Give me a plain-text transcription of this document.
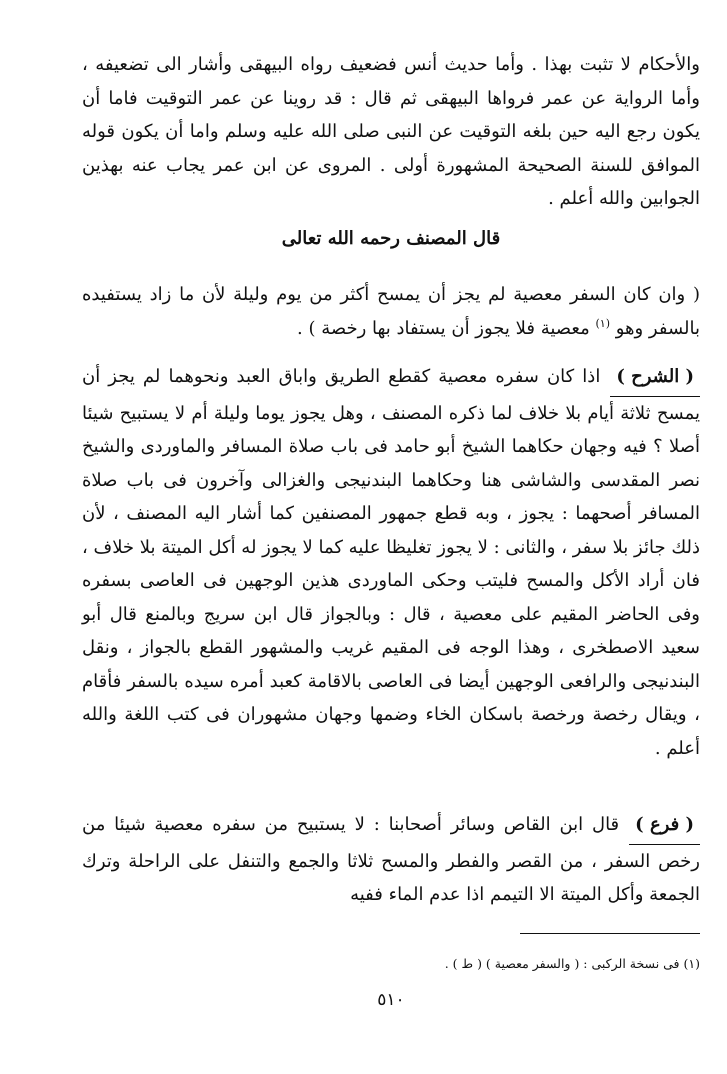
والأحكام لا تثبت بهذا . وأما حديث أنس فضعيف رواه البيهقى وأشار الى تضعيفه ، وأما الرواية عن عمر فرواها البيهقى ثم قال : قد روينا عن عمر التوقيت فاما أن يكون رجع اليه حين بلغه التوقيت عن النبى صلى الله عليه وسلم واما أن يكون قوله الموافق للسنة الصحيحة المشهورة أولى . المروى عن ابن عمر يجاب عنه بهذين الجوابين والله أعلم .

قال المصنف رحمه الله تعالى

( وان كان السفر معصية لم يجز أن يمسح أكثر من يوم وليلة لأن ما زاد يستفيده بالسفر وهو $^{(١)}$ معصية فلا يجوز أن يستفاد بها رخصة ) .

( الشرح )اذا كان سفره معصية كقطع الطريق واباق العبد ونحوهما لم يجز أن يمسح ثلاثة أيام بلا خلاف لما ذكره المصنف ، وهل يجوز يوما وليلة أم لا يستبيح شيئا أصلا ؟ فيه وجهان حكاهما الشيخ أبو حامد فى باب صلاة المسافر والماوردى والشيخ نصر المقدسى والشاشى هنا وحكاهما البندنيجى والغزالى وآخرون فى باب صلاة المسافر أصحهما : يجوز ، وبه قطع جمهور المصنفين كما أشار اليه المصنف ، لأن ذلك جائز بلا سفر ، والثانى : لا يجوز تغليظا عليه كما لا يجوز له أكل الميتة بلا خلاف ، فان أراد الأكل والمسح فليتب وحكى الماوردى هذين الوجهين فى العاصى بسفره وفى الحاضر المقيم على معصية ، قال : وبالجواز قال ابن سريج وبالمنع قال أبو سعيد الاصطخرى ، وهذا الوجه فى المقيم غريب والمشهور القطع بالجواز ، ونقل البندنيجى والرافعى الوجهين أيضا فى العاصى بالاقامة كعبد أمره سيده بالسفر فأقام ، ويقال رخصة ورخصة باسكان الخاء وضمها وجهان مشهوران فى كتب اللغة والله أعلم .

( فرع )قال ابن القاص وسائر أصحابنا : لا يستبيح من سفره معصية شيئا من رخص السفر ، من القصر والفطر والمسح ثلاثا والجمع والتنفل على الراحلة وترك الجمعة وأكل الميتة الا التيمم اذا عدم الماء ففيه

(١) فى نسخة الركبى : ( والسفر معصية ) ( ط ) .

٥١٠
